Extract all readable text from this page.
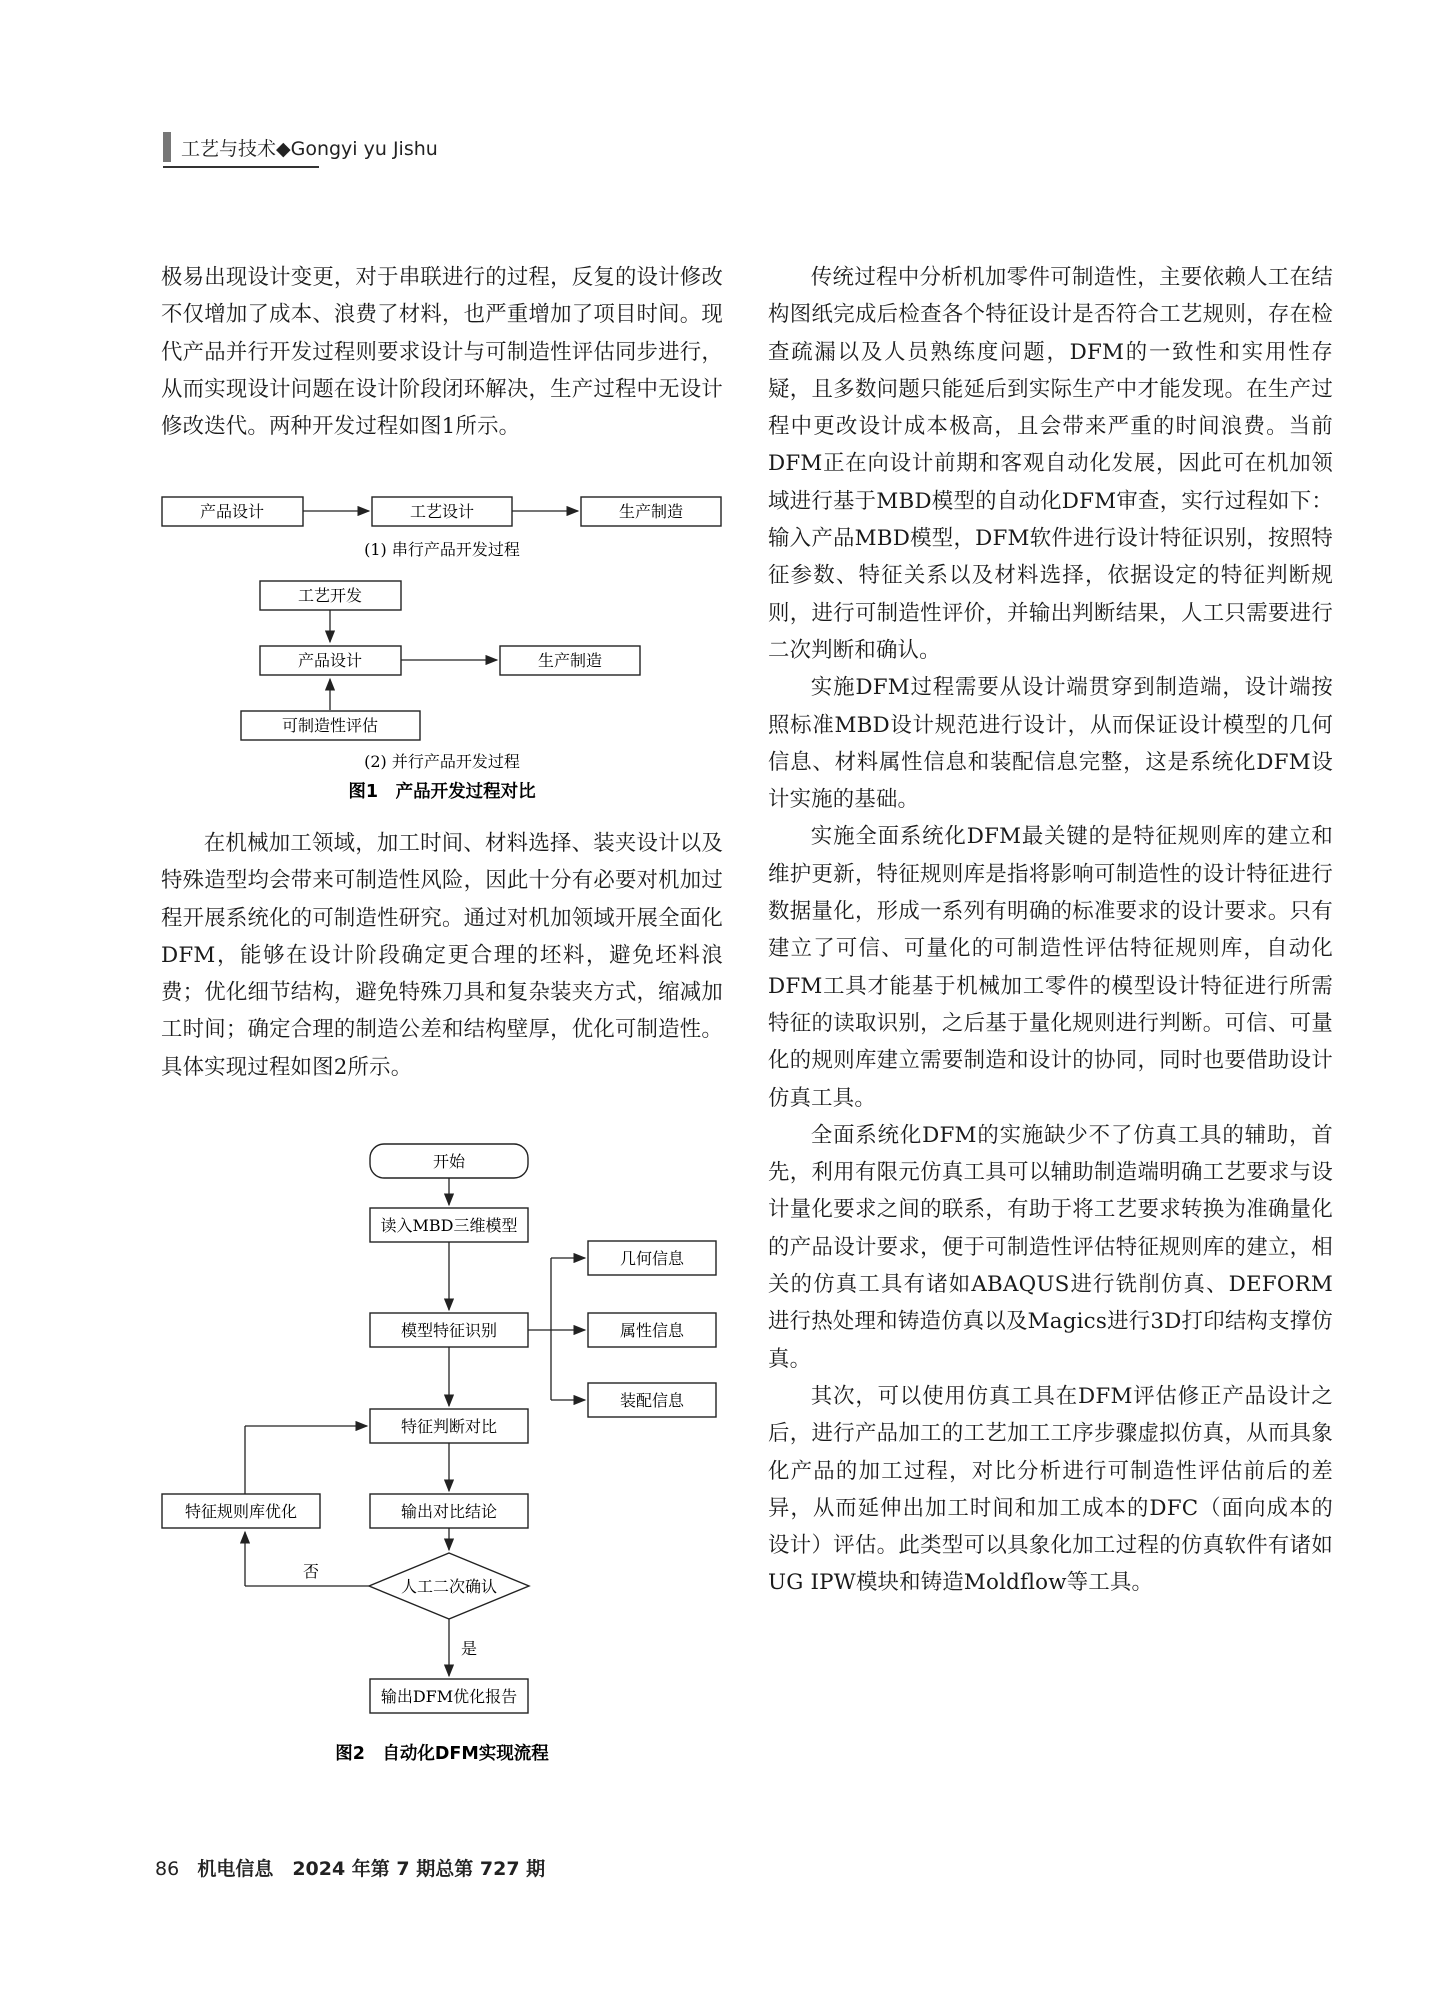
工艺与技术◆Gongyi yu Jishu

极易出现设计变更，对于串联进行的过程，反复的设计修改不仅增加了成本、浪费了材料，也严重增加了项目时间。现代产品并行开发过程则要求设计与可制造性评估同步进行，从而实现设计问题在设计阶段闭环解决，生产过程中无设计修改迭代。两种开发过程如图1所示。

产品设计	工艺设计	生产制造
(1) 串行产品开发过程
工艺开发
产品设计	生产制造
可制造性评估
(2) 并行产品开发过程
图1　产品开发过程对比

在机械加工领域，加工时间、材料选择、装夹设计以及特殊造型均会带来可制造性风险，因此十分有必要对机加过程开展系统化的可制造性研究。通过对机加领域开展全面化DFM，能够在设计阶段确定更合理的坯料，避免坯料浪费；优化细节结构，避免特殊刀具和复杂装夹方式，缩减加工时间；确定合理的制造公差和结构壁厚，优化可制造性。具体实现过程如图2所示。

开始
读入MBD三维模型
模型特征识别
几何信息
属性信息
装配信息
特征判断对比
输出对比结论
人工二次确认
否
特征规则库优化
是
输出DFM优化报告
图2　自动化DFM实现流程

传统过程中分析机加零件可制造性，主要依赖人工在结构图纸完成后检查各个特征设计是否符合工艺规则，存在检查疏漏以及人员熟练度问题，DFM的一致性和实用性存疑，且多数问题只能延后到实际生产中才能发现。在生产过程中更改设计成本极高，且会带来严重的时间浪费。当前DFM正在向设计前期和客观自动化发展，因此可在机加领域进行基于MBD模型的自动化DFM审查，实行过程如下：输入产品MBD模型，DFM软件进行设计特征识别，按照特征参数、特征关系以及材料选择，依据设定的特征判断规则，进行可制造性评价，并输出判断结果，人工只需要进行二次判断和确认。

实施DFM过程需要从设计端贯穿到制造端，设计端按照标准MBD设计规范进行设计，从而保证设计模型的几何信息、材料属性信息和装配信息完整，这是系统化DFM设计实施的基础。

实施全面系统化DFM最关键的是特征规则库的建立和维护更新，特征规则库是指将影响可制造性的设计特征进行数据量化，形成一系列有明确的标准要求的设计要求。只有建立了可信、可量化的可制造性评估特征规则库，自动化DFM工具才能基于机械加工零件的模型设计特征进行所需特征的读取识别，之后基于量化规则进行判断。可信、可量化的规则库建立需要制造和设计的协同，同时也要借助设计仿真工具。

全面系统化DFM的实施缺少不了仿真工具的辅助，首先，利用有限元仿真工具可以辅助制造端明确工艺要求与设计量化要求之间的联系，有助于将工艺要求转换为准确量化的产品设计要求，便于可制造性评估特征规则库的建立，相关的仿真工具有诸如ABAQUS进行铣削仿真、DEFORM进行热处理和铸造仿真以及Magics进行3D打印结构支撑仿真。

其次，可以使用仿真工具在DFM评估修正产品设计之后，进行产品加工的工艺加工工序步骤虚拟仿真，从而具象化产品的加工过程，对比分析进行可制造性评估前后的差异，从而延伸出加工时间和加工成本的DFC（面向成本的设计）评估。此类型可以具象化加工过程的仿真软件有诸如UG IPW模块和铸造Moldflow等工具。

86 机电信息　2024 年第 7 期总第 727 期
